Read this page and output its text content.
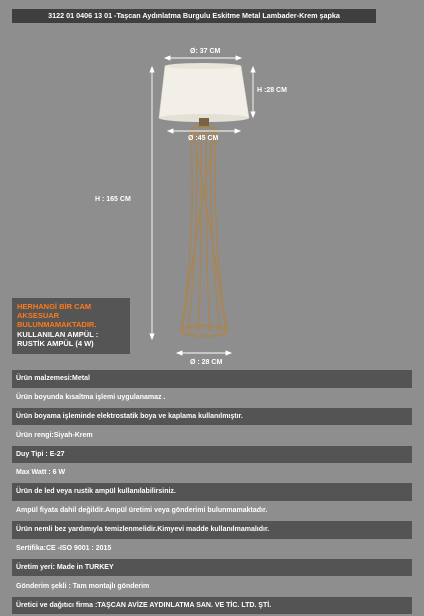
3122 01 0406 13 01 -Taşcan Aydınlatma Burgulu Eskitme Metal Lambader-Krem şapka
Ø: 37 CM
H :28 CM
Ø :45 CM
H : 165 CM
Ø : 28 CM
HERHANGİ BİR CAM AKSESUAR BULUNMAMAKTADIR.
KULLANILAN AMPÜL : RUSTİK AMPÜL (4 W)
Ürün malzemesi:Metal
Ürün boyunda kısaltma işlemi uygulanamaz .
Ürün boyama işleminde elektrostatik boya ve kaplama kullanılmıştır.
Ürün rengi:Siyah-Krem
Duy Tipi : E-27
Max Watt : 6 W
Ürün de led veya rustik ampül kullanılabilirsiniz.
Ampül fiyata dahil değildir.Ampül üretimi veya gönderimi bulunmamaktadır.
Ürün nemli bez yardımıyla temizlenmelidir.Kimyevi madde kullanılmamalıdır.
Sertifika:CE -ISO 9001 : 2015
Üretim yeri: Made in TURKEY
Gönderim şekli : Tam montajlı gönderim
Üretici ve dağıtıcı firma :TAŞCAN AVİZE AYDINLATMA SAN. VE TİC. LTD. ŞTİ.
